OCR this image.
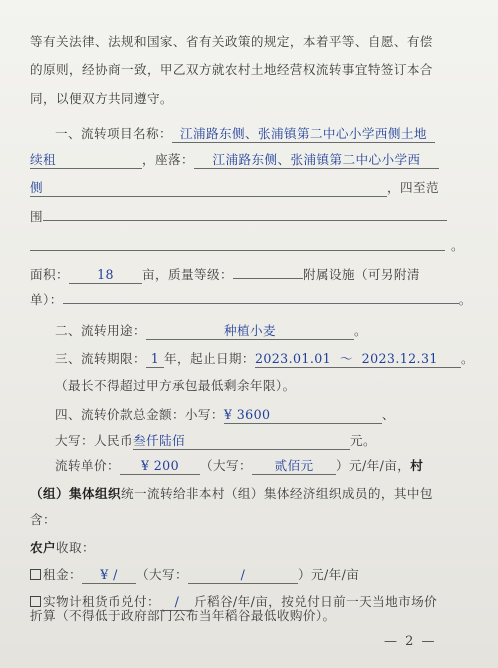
等有关法律、法规和国家、省有关政策的规定，本着平等、自愿、有偿
的原则，经协商一致，甲乙双方就农村土地经营权流转事宜特签订本合
同，以便双方共同遵守。
一、流转项目名称： 江浦路东侧、张浦镇第二中心小学西侧土地
续租	，座落： 江浦路东侧、张浦镇第二中心小学西
侧	，四至范
围
。
面积： 18 亩，质量等级：	附属设施（可另附清
单）：	。
二、流转用途：	种植小麦	。
三、流转期限： 1 年，起止日期：2023.01.01 ～ 2023.12.31 。
（最长不得超过甲方承包最低剩余年限）。
四、流转价款总金额：小写：¥ 3600	、
大写：人民币叁仟陆佰	元。
流转单价： ¥ 200 （大写： 贰佰元 ）元/年/亩，村
（组）集体组织统一流转给非本村（组）集体经济组织成员的，其中包
含：
农户收取：
租金： ¥ /（大写：	/	）元/年/亩
实物计租货币兑付： / 斤稻谷/年/亩，按兑付日前一天当地市场价
折算（不得低于政府部门公布当年稻谷最低收购价）。
— 2 —
